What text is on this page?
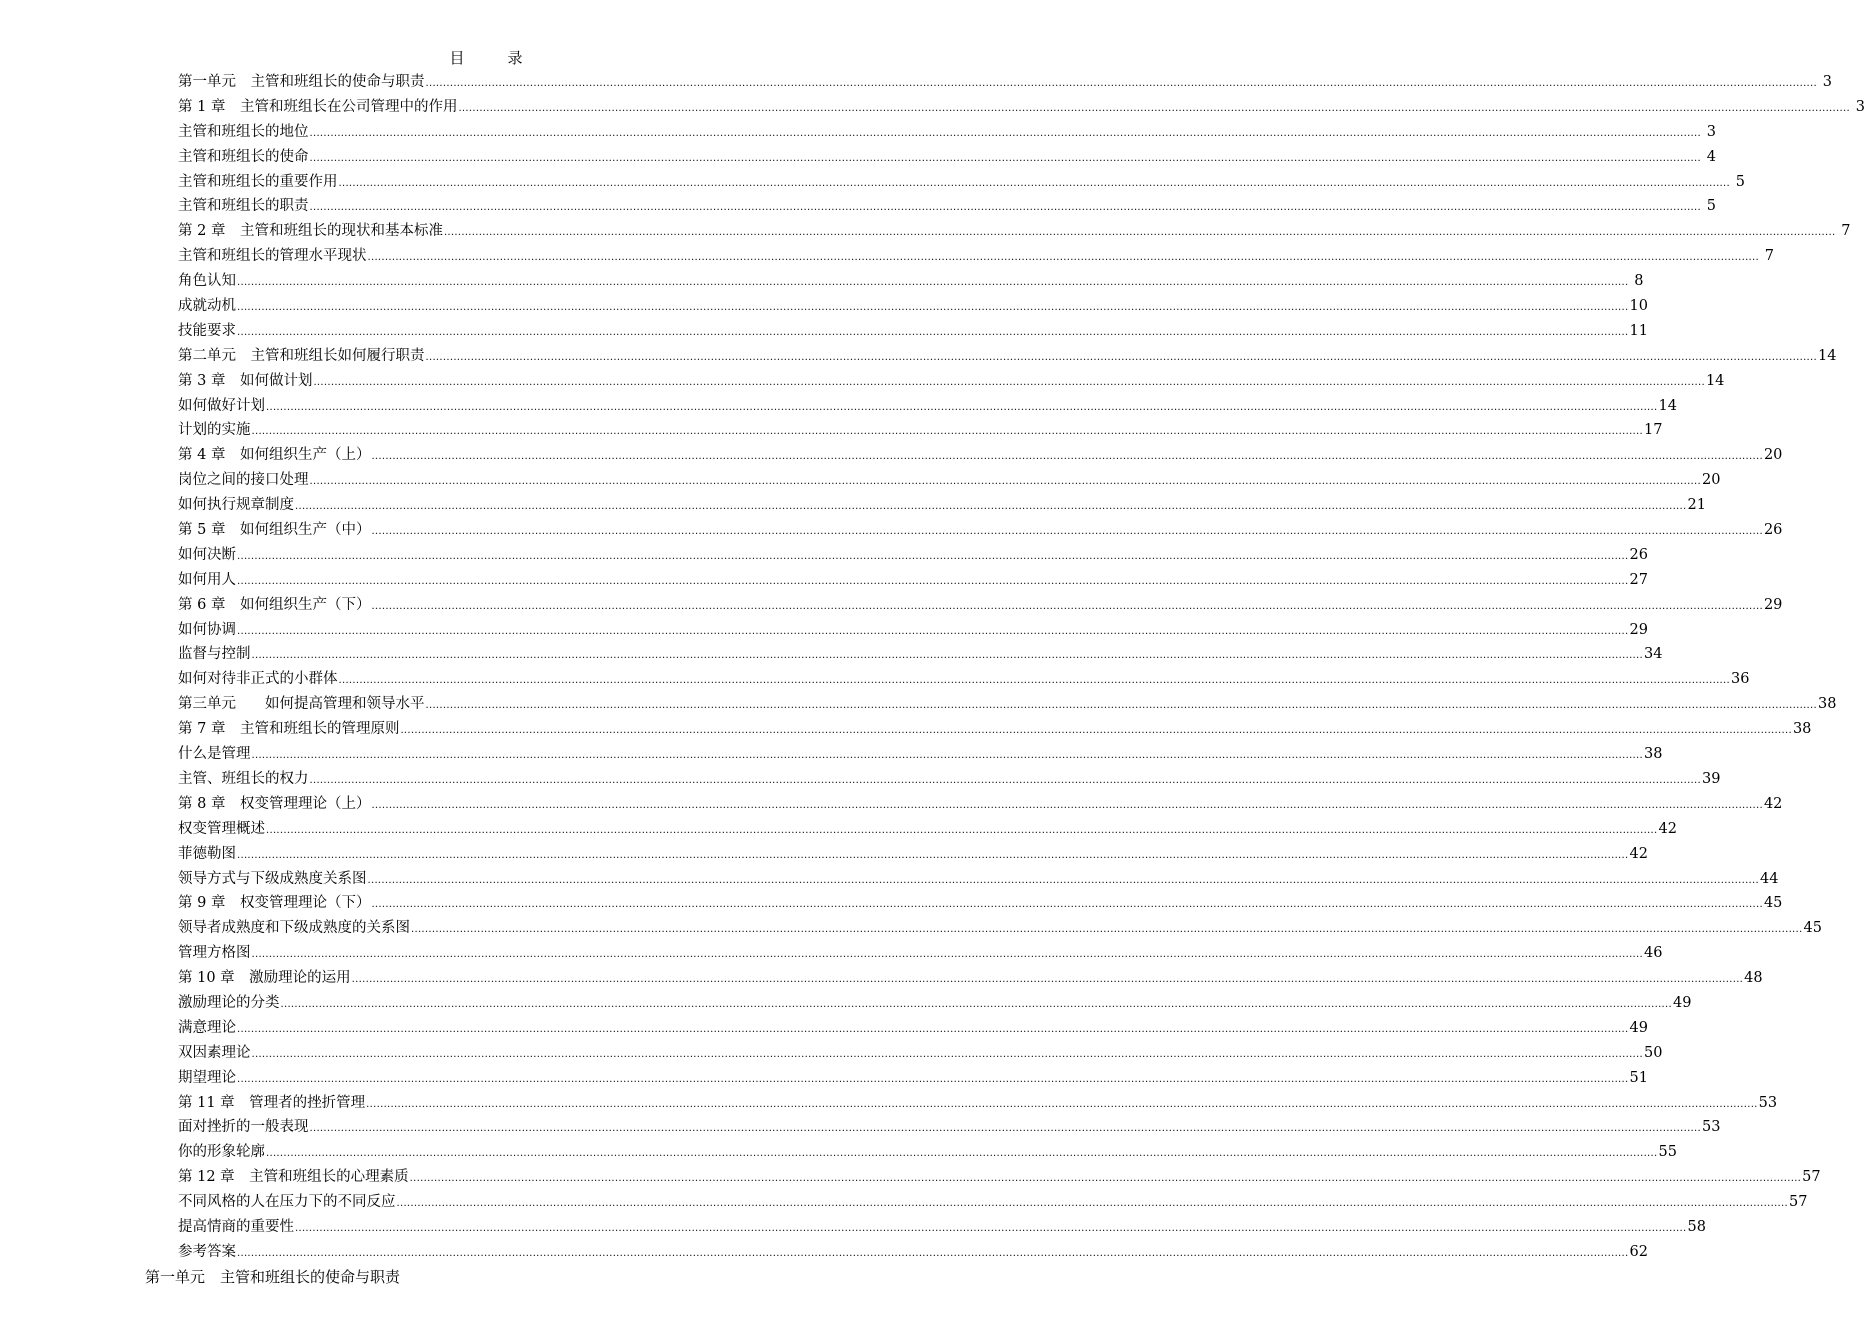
目　录
第一单元　主管和班组长的使命与职责 ................................................................................................................................................................................................................................................................................................................................................................................................................ 3
第 1 章　主管和班组长在公司管理中的作用 ................................................................................................................................................................................................................................................................................................................................................................................................................ 3
主管和班组长的地位 ................................................................................................................................................................................................................................................................................................................................................................................................................ 3
主管和班组长的使命 ................................................................................................................................................................................................................................................................................................................................................................................................................ 4
主管和班组长的重要作用 ................................................................................................................................................................................................................................................................................................................................................................................................................ 5
主管和班组长的职责 ................................................................................................................................................................................................................................................................................................................................................................................................................ 5
第 2 章　主管和班组长的现状和基本标准 ................................................................................................................................................................................................................................................................................................................................................................................................................ 7
主管和班组长的管理水平现状 ................................................................................................................................................................................................................................................................................................................................................................................................................ 7
角色认知 ................................................................................................................................................................................................................................................................................................................................................................................................................ 8
成就动机 ................................................................................................................................................................................................................................................................................................................................................................................................................ 10
技能要求 ................................................................................................................................................................................................................................................................................................................................................................................................................ 11
第二单元　主管和班组长如何履行职责 ................................................................................................................................................................................................................................................................................................................................................................................................................ 14
第 3 章　如何做计划 ................................................................................................................................................................................................................................................................................................................................................................................................................ 14
如何做好计划 ................................................................................................................................................................................................................................................................................................................................................................................................................ 14
计划的实施 ................................................................................................................................................................................................................................................................................................................................................................................................................ 17
第 4 章　如何组织生产（上） ................................................................................................................................................................................................................................................................................................................................................................................................................ 20
岗位之间的接口处理 ................................................................................................................................................................................................................................................................................................................................................................................................................ 20
如何执行规章制度 ................................................................................................................................................................................................................................................................................................................................................................................................................ 21
第 5 章　如何组织生产（中） ................................................................................................................................................................................................................................................................................................................................................................................................................ 26
如何决断 ................................................................................................................................................................................................................................................................................................................................................................................................................ 26
如何用人 ................................................................................................................................................................................................................................................................................................................................................................................................................ 27
第 6 章　如何组织生产（下） ................................................................................................................................................................................................................................................................................................................................................................................................................ 29
如何协调 ................................................................................................................................................................................................................................................................................................................................................................................................................ 29
监督与控制 ................................................................................................................................................................................................................................................................................................................................................................................................................ 34
如何对待非正式的小群体 ................................................................................................................................................................................................................................................................................................................................................................................................................ 36
第三单元　　如何提高管理和领导水平 ................................................................................................................................................................................................................................................................................................................................................................................................................ 38
第 7 章　主管和班组长的管理原则 ................................................................................................................................................................................................................................................................................................................................................................................................................ 38
什么是管理 ................................................................................................................................................................................................................................................................................................................................................................................................................ 38
主管、班组长的权力 ................................................................................................................................................................................................................................................................................................................................................................................................................ 39
第 8 章　权变管理理论（上） ................................................................................................................................................................................................................................................................................................................................................................................................................ 42
权变管理概述 ................................................................................................................................................................................................................................................................................................................................................................................................................ 42
菲德勒图 ................................................................................................................................................................................................................................................................................................................................................................................................................ 42
领导方式与下级成熟度关系图 ................................................................................................................................................................................................................................................................................................................................................................................................................ 44
第 9 章　权变管理理论（下） ................................................................................................................................................................................................................................................................................................................................................................................................................ 45
领导者成熟度和下级成熟度的关系图 ................................................................................................................................................................................................................................................................................................................................................................................................................ 45
管理方格图 ................................................................................................................................................................................................................................................................................................................................................................................................................ 46
第 10 章　激励理论的运用 ................................................................................................................................................................................................................................................................................................................................................................................................................ 48
激励理论的分类 ................................................................................................................................................................................................................................................................................................................................................................................................................ 49
满意理论 ................................................................................................................................................................................................................................................................................................................................................................................................................ 49
双因素理论 ................................................................................................................................................................................................................................................................................................................................................................................................................ 50
期望理论 ................................................................................................................................................................................................................................................................................................................................................................................................................ 51
第 11 章　管理者的挫折管理 ................................................................................................................................................................................................................................................................................................................................................................................................................ 53
面对挫折的一般表现 ................................................................................................................................................................................................................................................................................................................................................................................................................ 53
你的形象轮廓 ................................................................................................................................................................................................................................................................................................................................................................................................................ 55
第 12 章　主管和班组长的心理素质 ................................................................................................................................................................................................................................................................................................................................................................................................................ 57
不同风格的人在压力下的不同反应 ................................................................................................................................................................................................................................................................................................................................................................................................................ 57
提高情商的重要性 ................................................................................................................................................................................................................................................................................................................................................................................................................ 58
参考答案 ................................................................................................................................................................................................................................................................................................................................................................................................................ 62
第一单元　主管和班组长的使命与职责
